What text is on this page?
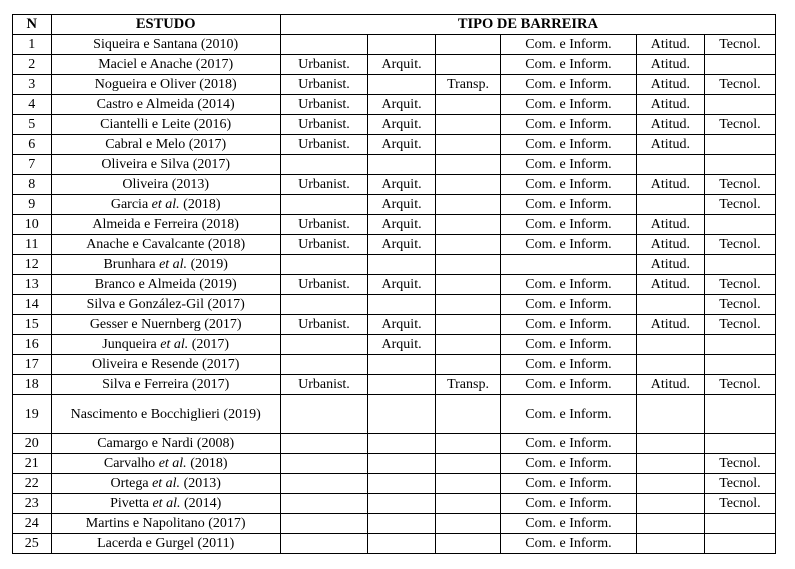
N	ESTUDO	TIPO DE BARREIRA					
1	Siqueira e Santana (2010)				Com. e Inform.	Atitud.	Tecnol.
2	Maciel e Anache (2017)	Urbanist.	Arquit.		Com. e Inform.	Atitud.	
3	Nogueira e Oliver (2018)	Urbanist.		Transp.	Com. e Inform.	Atitud.	Tecnol.
4	Castro e Almeida (2014)	Urbanist.	Arquit.		Com. e Inform.	Atitud.	
5	Ciantelli e Leite (2016)	Urbanist.	Arquit.		Com. e Inform.	Atitud.	Tecnol.
6	Cabral e Melo (2017)	Urbanist.	Arquit.		Com. e Inform.	Atitud.	
7	Oliveira e Silva (2017)				Com. e Inform.		
8	Oliveira (2013)	Urbanist.	Arquit.		Com. e Inform.	Atitud.	Tecnol.
9	Garcia et al. (2018)		Arquit.		Com. e Inform.		Tecnol.
10	Almeida e Ferreira (2018)	Urbanist.	Arquit.		Com. e Inform.	Atitud.	
11	Anache e Cavalcante (2018)	Urbanist.	Arquit.		Com. e Inform.	Atitud.	Tecnol.
12	Brunhara et al. (2019)					Atitud.	
13	Branco e Almeida (2019)	Urbanist.	Arquit.		Com. e Inform.	Atitud.	Tecnol.
14	Silva e González-Gil (2017)				Com. e Inform.		Tecnol.
15	Gesser e Nuernberg (2017)	Urbanist.	Arquit.		Com. e Inform.	Atitud.	Tecnol.
16	Junqueira et al. (2017)		Arquit.		Com. e Inform.		
17	Oliveira e Resende (2017)				Com. e Inform.		
18	Silva e Ferreira (2017)	Urbanist.		Transp.	Com. e Inform.	Atitud.	Tecnol.
19	Nascimento e Bocchiglieri (2019)				Com. e Inform.		
20	Camargo e Nardi (2008)				Com. e Inform.		
21	Carvalho et al. (2018)				Com. e Inform.		Tecnol.
22	Ortega et al. (2013)				Com. e Inform.		Tecnol.
23	Pivetta et al. (2014)				Com. e Inform.		Tecnol.
24	Martins e Napolitano (2017)				Com. e Inform.		
25	Lacerda e Gurgel (2011)				Com. e Inform.		
